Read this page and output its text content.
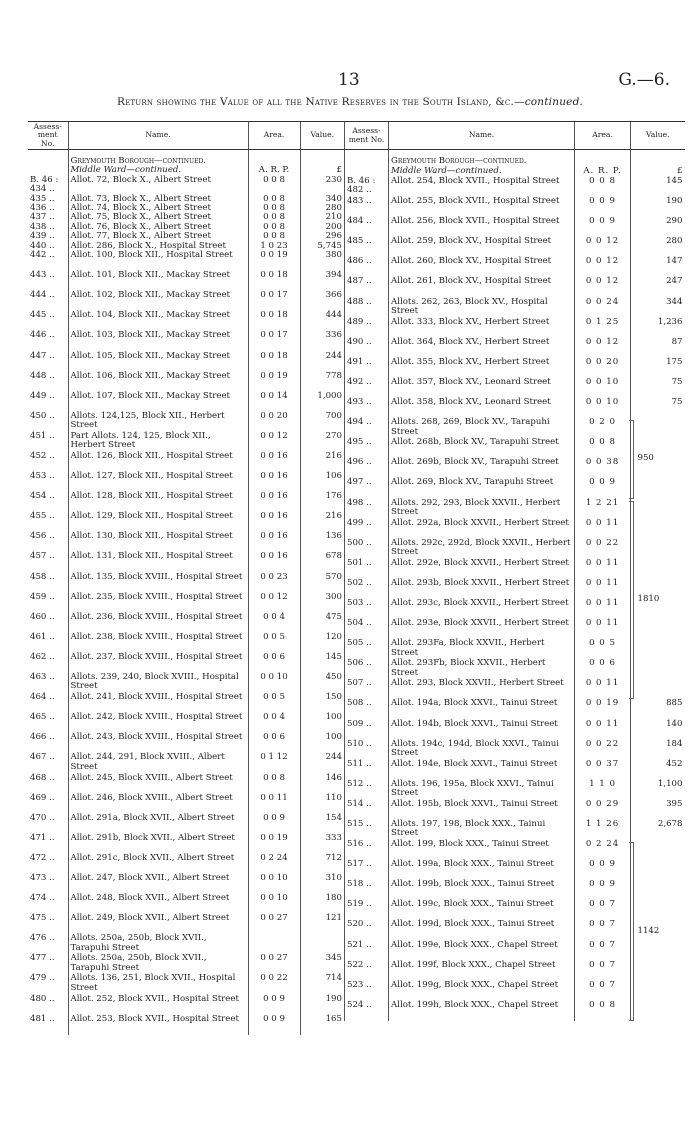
13	G.—6.
Return showing the Value of all the Native Reserves in the South Island, &c.—continued.
Assess-ment No.	Name.	Area.	Value.
	Greymouth Borough—continued.		
	Middle Ward—continued.	A. R. P.	£
B. 46 : 434 ..	Allot. 72, Block X., Albert Street	0 0 8	230
435 ..	Allot. 73, Block X., Albert Street	0 0 8	340
436 ..	Allot. 74, Block X., Albert Street	0 0 8	280
437 ..	Allot. 75, Block X., Albert Street	0 0 8	210
438 ..	Allot. 76, Block X., Albert Street	0 0 8	200
439 ..	Allot. 77, Block X., Albert Street	0 0 8	296
440 ..	Allot. 286, Block X., Hospital Street	1 0 23	5,745
442 ..	Allot. 100, Block XII., Hospital Street	0 0 19	380
443 ..	Allot. 101, Block XII., Mackay Street	0 0 18	394
444 ..	Allot. 102, Block XII., Mackay Street	0 0 17	366
445 ..	Allot. 104, Block XII., Mackay Street	0 0 18	444
446 ..	Allot. 103, Block XII., Mackay Street	0 0 17	336
447 ..	Allot. 105, Block XII., Mackay Street	0 0 18	244
448 ..	Allot. 106, Block XII., Mackay Street	0 0 19	778
449 ..	Allot. 107, Block XII., Mackay Street	0 0 14	1,000
450 ..	Allots. 124,125, Block XII., Herbert Street	0 0 20	700
451 ..	Part Allots. 124, 125, Block XII., Herbert Street	0 0 12	270
452 ..	Allot. 126, Block XII., Hospital Street	0 0 16	216
453 ..	Allot. 127, Block XII., Hospital Street	0 0 16	106
454 ..	Allot. 128, Block XII., Hospital Street	0 0 16	176
455 ..	Allot. 129, Block XII., Hospital Street	0 0 16	216
456 ..	Allot. 130, Block XII., Hospital Street	0 0 16	136
457 ..	Allot. 131, Block XII., Hospital Street	0 0 16	678
458 ..	Allot. 135, Block XVIII., Hospital Street	0 0 23	570
459 ..	Allot. 235, Block XVIII., Hospital Street	0 0 12	300
460 ..	Allot. 236, Block XVIII., Hospital Street	0 0 4	475
461 ..	Allot. 238, Block XVIII., Hospital Street	0 0 5	120
462 ..	Allot. 237, Block XVIII., Hospital Street	0 0 6	145
463 ..	Allots. 239, 240, Block XVIII., Hospital Street	0 0 10	450
464 ..	Allot. 241, Block XVIII., Hospital Street	0 0 5	150
465 ..	Allot. 242, Block XVIII., Hospital Street	0 0 4	100
466 ..	Allot. 243, Block XVIII., Hospital Street	0 0 6	100
467 ..	Allot. 244, 291, Block XVIII., Albert Street	0 1 12	244
468 ..	Allot. 245, Block XVIII., Albert Street	0 0 8	146
469 ..	Allot. 246, Block XVIII., Albert Street	0 0 11	110
470 ..	Allot. 291a, Block XVII., Albert Street	0 0 9	154
471 ..	Allot. 291b, Block XVII., Albert Street	0 0 19	333
472 ..	Allot. 291c, Block XVII., Albert Street	0 2 24	712
473 ..	Allot. 247, Block XVII., Albert Street	0 0 10	310
474 ..	Allot. 248, Block XVII., Albert Street	0 0 10	180
475 ..	Allot. 249, Block XVII., Albert Street	0 0 27	121
476 ..	Allots. 250a, 250b, Block XVII., Tarapuhi Street		
477 ..	Allots. 250a, 250b, Block XVII., Tarapuhi Street	0 0 27	345
479 ..	Allots. 136, 251, Block XVII., Hospital Street	0 0 22	714
480 ..	Allot. 252, Block XVII., Hospital Street	0 0 9	190
481 ..	Allot. 253, Block XVII., Hospital Street	0 0 9	165
Assess-ment No.	Name.	Area.	Value.
	Greymouth Borough—continued.		
	Middle Ward—continued.	A. R. P.	£
B. 46 : 482 ..	Allot. 254, Block XVII., Hospital Street	0 0 8	145
483 ..	Allot. 255, Block XVII., Hospital Street	0 0 9	190
484 ..	Allot. 256, Block XVII., Hospital Street	0 0 9	290
485 ..	Allot. 259, Block XV., Hospital Street	0 0 12	280
486 ..	Allot. 260, Block XV., Hospital Street	0 0 12	147
487 ..	Allot. 261, Block XV., Hospital Street	0 0 12	247
488 ..	Allots. 262, 263, Block XV., Hospital Street	0 0 24	344
489 ..	Allot. 333, Block XV., Herbert Street	0 1 25	1,236
490 ..	Allot. 364, Block XV., Herbert Street	0 0 12	87
491 ..	Allot. 355, Block XV., Herbert Street	0 0 20	175
492 ..	Allot. 357, Block XV., Leonard Street	0 0 10	75
493 ..	Allot. 358, Block XV., Leonard Street	0 0 10	75
494 ..	Allots. 268, 269, Block XV., Tarapuhi Street	0 2 0	
495 ..	Allot. 268b, Block XV., Tarapuhi Street	0 0 8	
496 ..	Allot. 269b, Block XV., Tarapuhi Street	0 0 38	
497 ..	Allot. 269, Block XV., Tarapuhi Street	0 0 9	
498 ..	Allots. 292, 293, Block XXVII., Herbert Street	1 2 21	
499 ..	Allot. 292a, Block XXVII., Herbert Street	0 0 11	
500 ..	Allots. 292c, 292d, Block XXVII., Herbert Street	0 0 22	
501 ..	Allot. 292e, Block XXVII., Herbert Street	0 0 11	
502 ..	Allot. 293b, Block XXVII., Herbert Street	0 0 11	
503 ..	Allot. 293c, Block XXVII., Herbert Street	0 0 11	
504 ..	Allot. 293e, Block XXVII., Herbert Street	0 0 11	
505 ..	Allot. 293Fa, Block XXVII., Herbert Street	0 0 5	
506 ..	Allot. 293Fb, Block XXVII., Herbert Street	0 0 6	
507 ..	Allot. 293, Block XXVII., Herbert Street	0 0 11	
508 ..	Allot. 194a, Block XXVI., Tainui Street	0 0 19	885
509 ..	Allot. 194b, Block XXVI., Tainui Street	0 0 11	140
510 ..	Allots. 194c, 194d, Block XXVI., Tainui Street	0 0 22	184
511 ..	Allot. 194e, Block XXVI., Tainui Street	0 0 37	452
512 ..	Allots. 196, 195a, Block XXVI., Tainui Street	1 1 0	1,100
514 ..	Allot. 195b, Block XXVI., Tainui Street	0 0 29	395
515 ..	Allots. 197, 198, Block XXX., Tainui Street	1 1 26	2,678
516 ..	Allot. 199, Block XXX., Tainui Street	0 2 24	
517 ..	Allot. 199a, Block XXX., Tainui Street	0 0 9	
518 ..	Allot. 199b, Block XXX., Tainui Street	0 0 9	
519 ..	Allot. 199c, Block XXX., Tainui Street	0 0 7	
520 ..	Allot. 199d, Block XXX., Tainui Street	0 0 7	
521 ..	Allot. 199e, Block XXX., Chapel Street	0 0 7	
522 ..	Allot. 199f, Block XXX., Chapel Street	0 0 7	
523 ..	Allot. 199g, Block XXX., Chapel Street	0 0 7	
524 ..	Allot. 199h, Block XXX., Chapel Street	0 0 8	
950
1810
1142
